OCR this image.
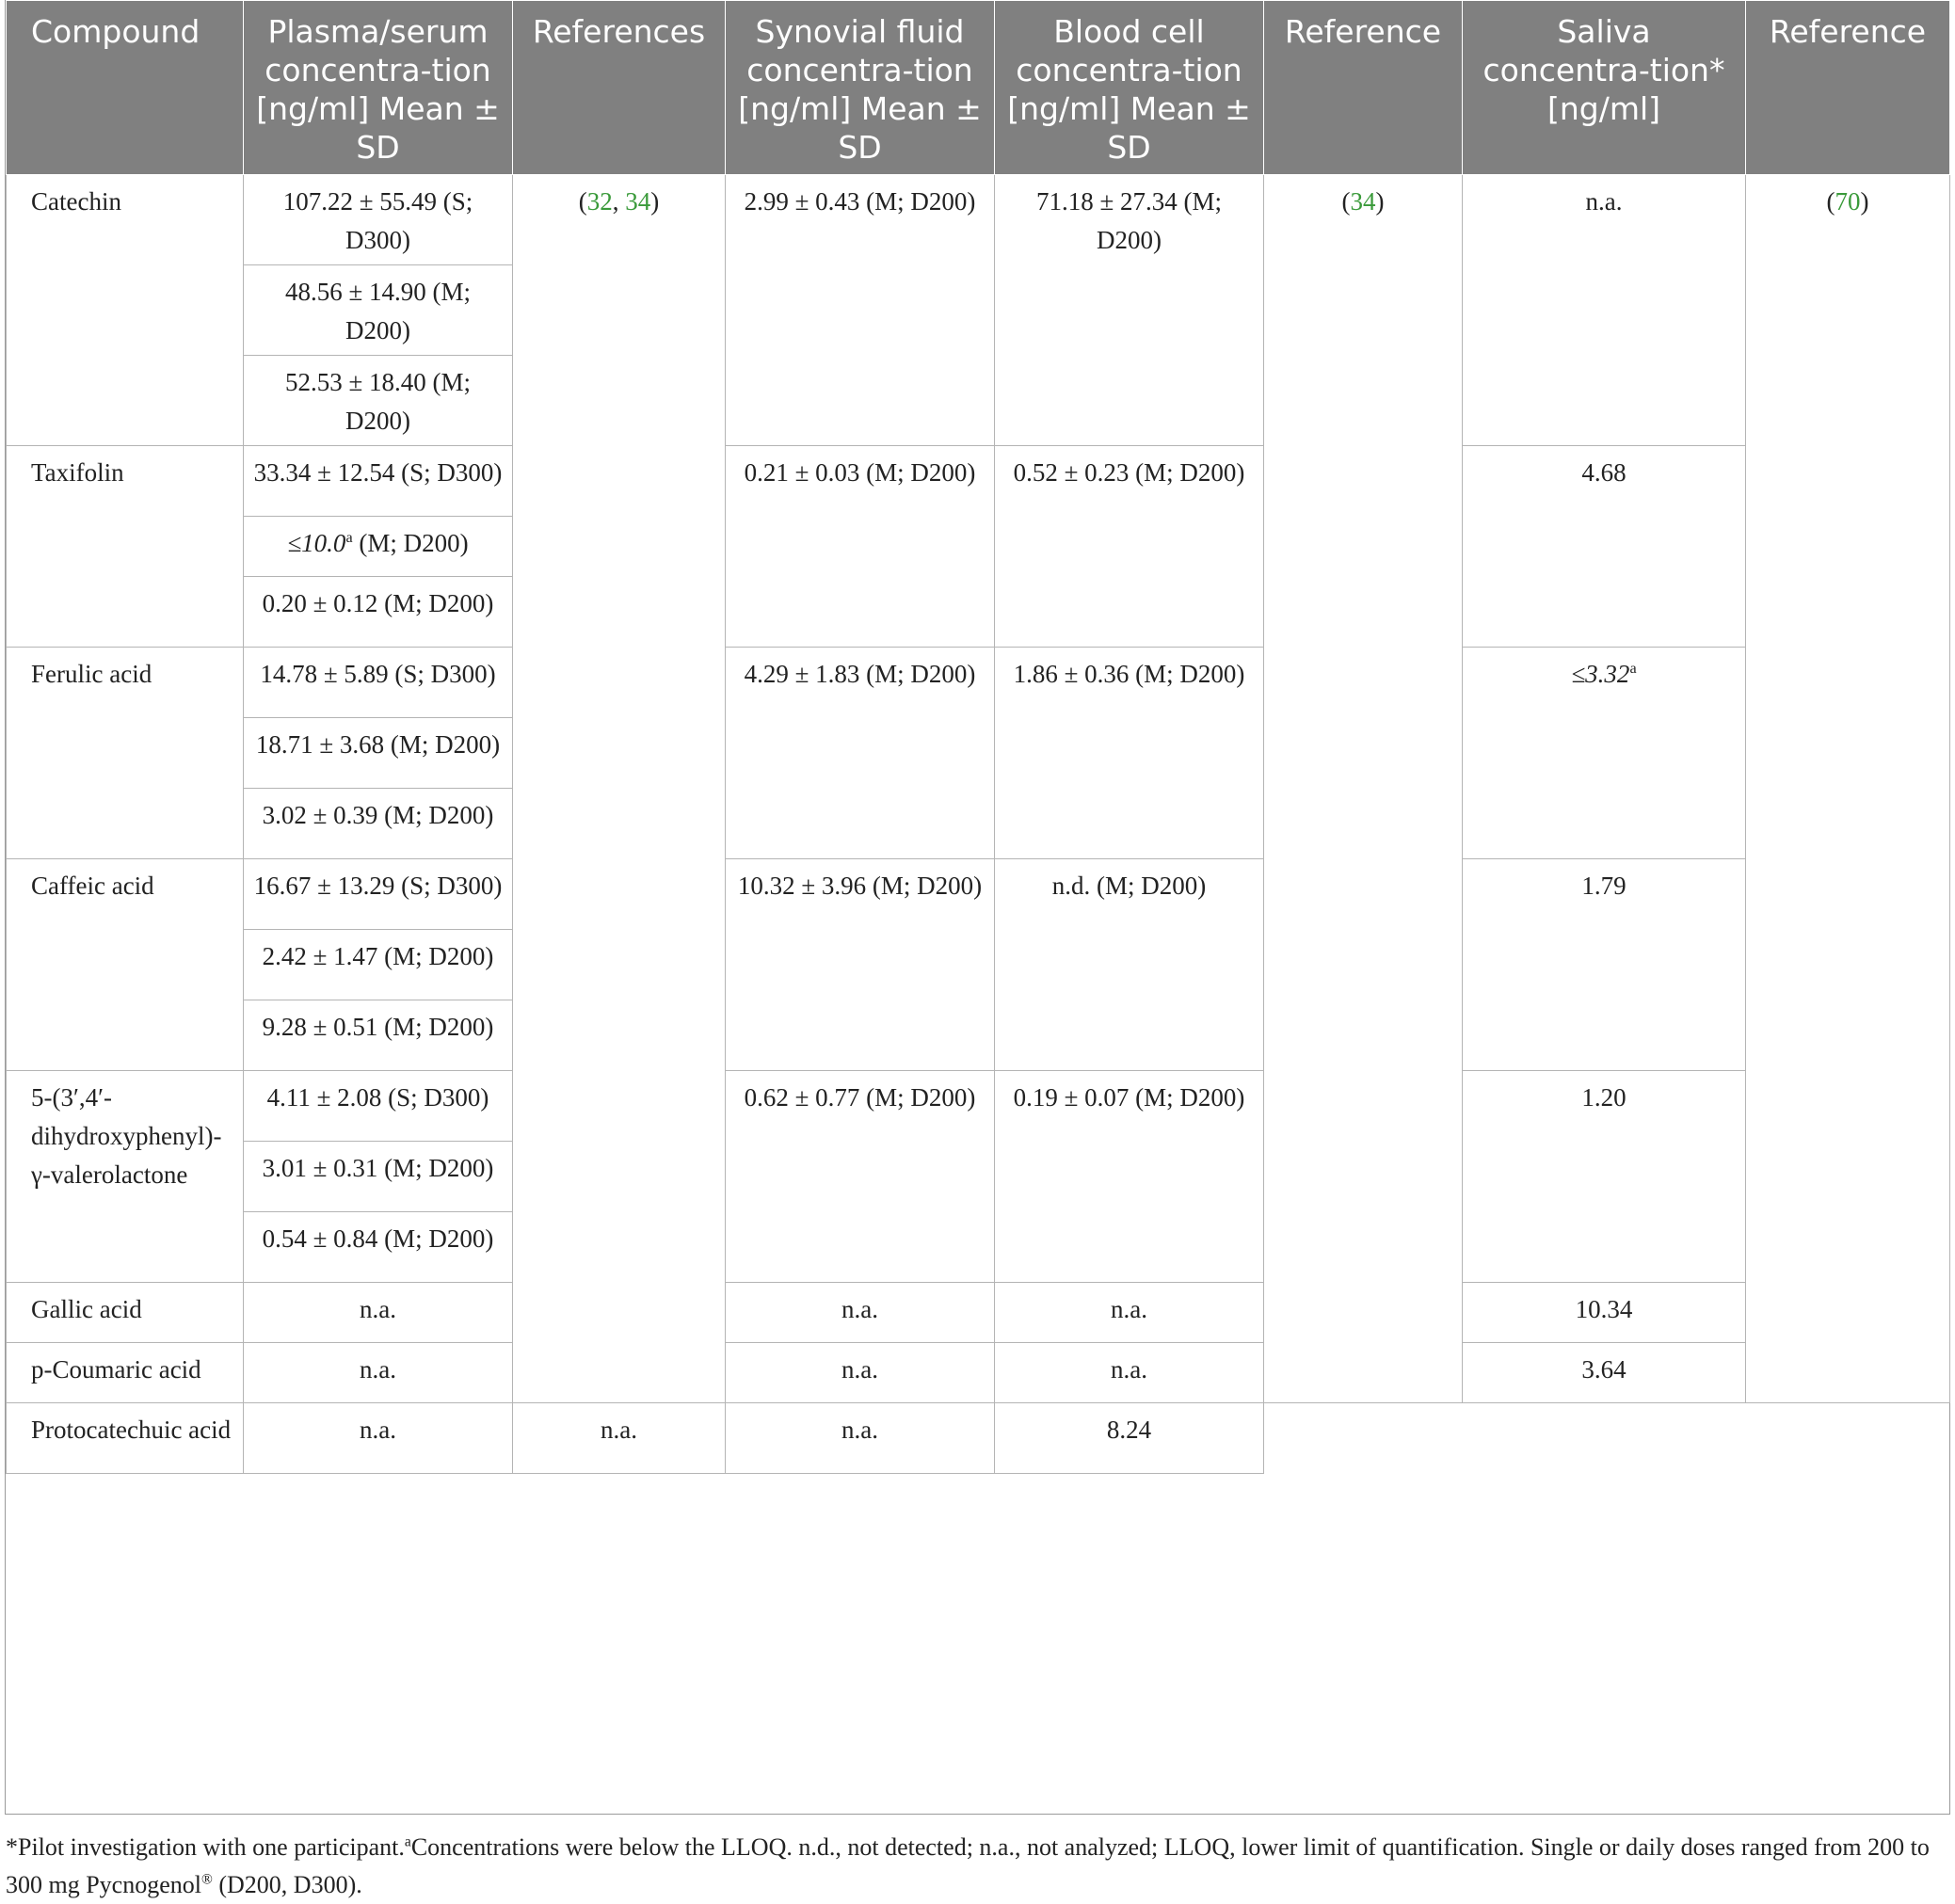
Compound	Plasma/serum concentra-tion [ng/ml] Mean ± SD	References	Synovial fluid concentra-tion [ng/ml] Mean ± SD	Blood cell concentra-tion [ng/ml] Mean ± SD	Reference	Saliva concentra-tion* [ng/ml]	Reference
Catechin	107.22 ± 55.49 (S; D300)	(32, 34)	2.99 ± 0.43 (M; D200)	71.18 ± 27.34 (M; D200)	(34)	n.a.	(70)
	48.56 ± 14.90 (M; D200)						
	52.53 ± 18.40 (M; D200)						
Taxifolin	33.34 ± 12.54 (S; D300)		0.21 ± 0.03 (M; D200)	0.52 ± 0.23 (M; D200)		4.68	
	≤10.0$^a$ (M; D200)						
	0.20 ± 0.12 (M; D200)						
Ferulic acid	14.78 ± 5.89 (S; D300)		4.29 ± 1.83 (M; D200)	1.86 ± 0.36 (M; D200)		≤3.32$^a$
	18.71 ± 3.68 (M; D200)						
	3.02 ± 0.39 (M; D200)						
Caffeic acid	16.67 ± 13.29 (S; D300)		10.32 ± 3.96 (M; D200)	n.d. (M; D200)		1.79	
	2.42 ± 1.47 (M; D200)						
	9.28 ± 0.51 (M; D200)						
5-(3′,4′-dihydroxyphenyl)-γ-valerolactone	4.11 ± 2.08 (S; D300)		0.62 ± 0.77 (M; D200)	0.19 ± 0.07 (M; D200)		1.20	
	3.01 ± 0.31 (M; D200)						
	0.54 ± 0.84 (M; D200)						
Gallic acid	n.a.		n.a.	n.a.		10.34	
p-Coumaric acid	n.a.		n.a.	n.a.		3.64	
Protocatechuic acid	n.a.	n.a.	n.a.	8.24			
*Pilot investigation with one participant.$^a$Concentrations were below the LLOQ. n.d., not detected; n.a., not analyzed; LLOQ, lower limit of quantification. Single or daily doses ranged from 200 to 300 mg Pycnogenol® (D200, D300).
